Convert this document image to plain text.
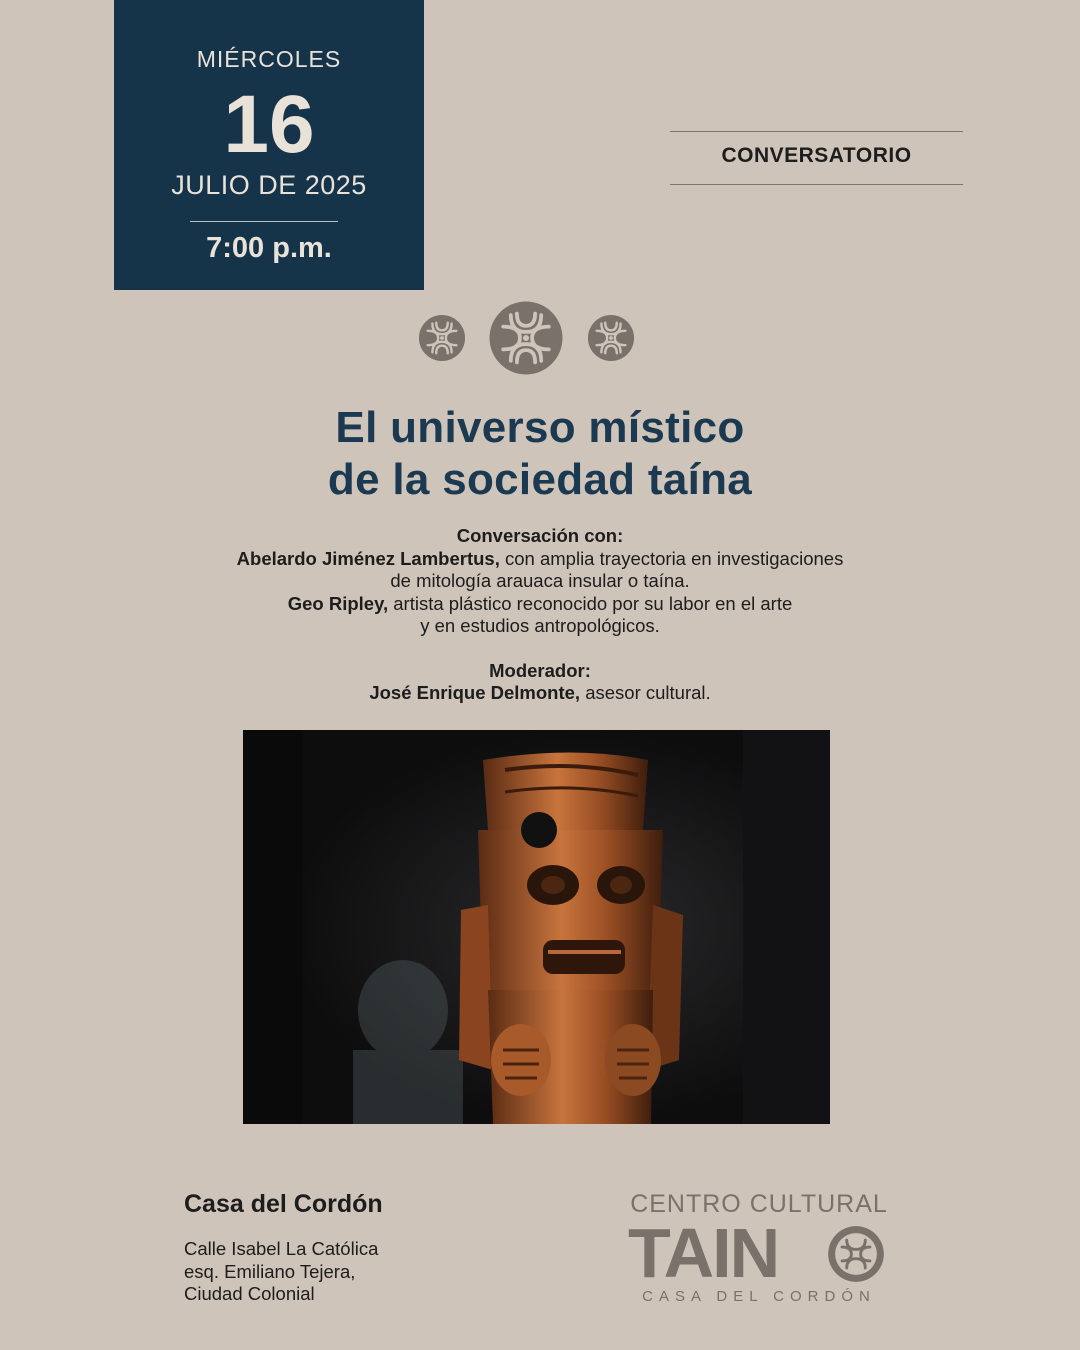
MIÉRCOLES
16
JULIO DE 2025
7:00 p.m.
CONVERSATORIO
El universo místico
de la sociedad taína

Conversación con:

Abelardo Jiménez Lambertus, con amplia trayectoria en investigaciones

de mitología arauaca insular o taína.

Geo Ripley, artista plástico reconocido por su labor en el arte

y en estudios antropológicos.

Moderador:

José Enrique Delmonte, asesor cultural.

Casa del Cordón
Calle Isabel La Católica
esq. Emiliano Tejera,
Ciudad Colonial
CENTRO CULTURAL
TAIN
CASA DEL CORDÓN
